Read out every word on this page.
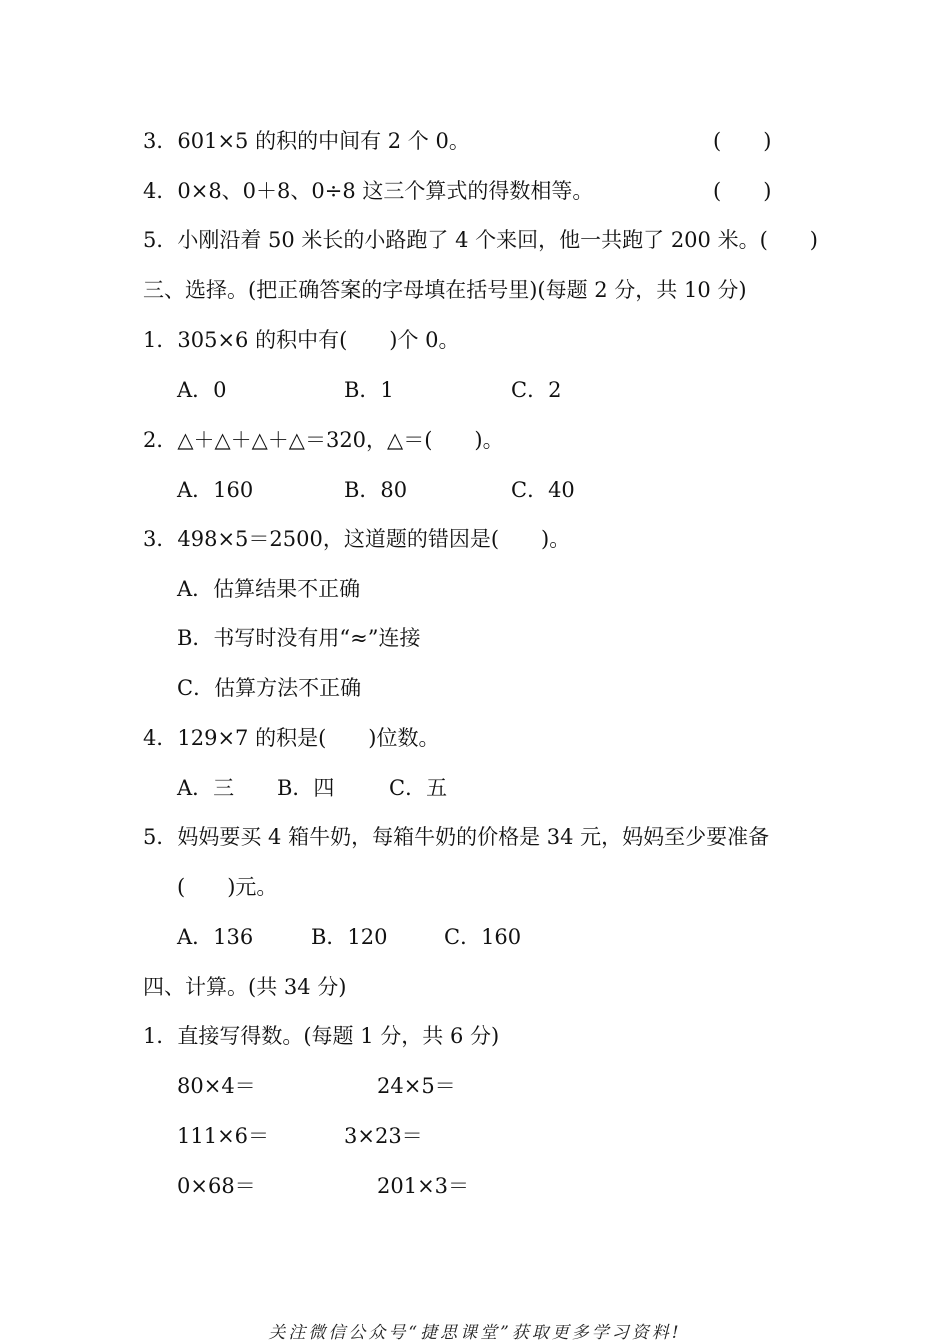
3．601×5 的积的中间有 2 个 0。	(　　)
4．0×8、0＋8、0÷8 这三个算式的得数相等。	(　　)
5．小刚沿着 50 米长的小路跑了 4 个来回，他一共跑了 200 米。(　　)
三、选择。(把正确答案的字母填在括号里)(每题 2 分，共 10 分)
1．305×6 的积中有(　　)个 0。
A．0	B．1	C．2
2．△＋△＋△＋△＝320，△＝(　　)。
A．160	B．80	C．40
3．498×5＝2500，这道题的错因是(　　)。
A．估算结果不正确
B．书写时没有用“≈”连接
C．估算方法不正确
4．129×7 的积是(　　)位数。
A．三 B．四	C．五
5．妈妈要买 4 箱牛奶，每箱牛奶的价格是 34 元，妈妈至少要准备
(　　)元。
A．136	B．120	C．160
四、计算。(共 34 分)
1．直接写得数。(每题 1 分，共 6 分)
80×4＝	24×5＝
111×6＝	3×23＝
0×68＝	201×3＝
关注微信公众号“捷思课堂”获取更多学习资料!
